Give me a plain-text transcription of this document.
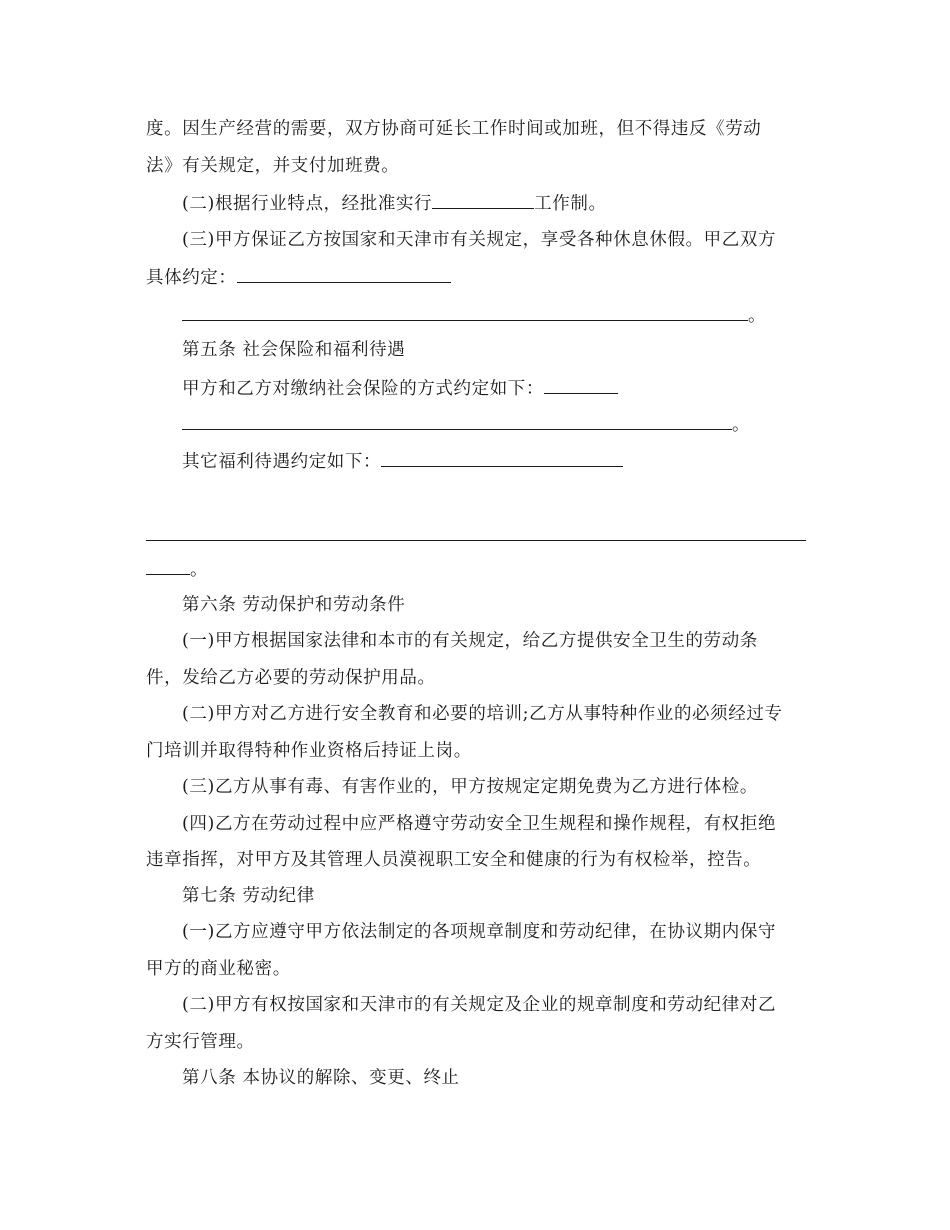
度。因生产经营的需要，双方协商可延长工作时间或加班，但不得违反《劳动
法》有关规定，并支付加班费。
(二)根据行业特点，经批准实行	工作制。
(三)甲方保证乙方按国家和天津市有关规定，享受各种休息休假。甲乙双方
具体约定：
。
第五条 社会保险和福利待遇
甲方和乙方对缴纳社会保险的方式约定如下：
。
其它福利待遇约定如下：
。
第六条 劳动保护和劳动条件
(一)甲方根据国家法律和本市的有关规定，给乙方提供安全卫生的劳动条
件，发给乙方必要的劳动保护用品。
(二)甲方对乙方进行安全教育和必要的培训;乙方从事特种作业的必须经过专
门培训并取得特种作业资格后持证上岗。
(三)乙方从事有毒、有害作业的，甲方按规定定期免费为乙方进行体检。
(四)乙方在劳动过程中应严格遵守劳动安全卫生规程和操作规程，有权拒绝
违章指挥，对甲方及其管理人员漠视职工安全和健康的行为有权检举，控告。
第七条 劳动纪律
(一)乙方应遵守甲方依法制定的各项规章制度和劳动纪律，在协议期内保守
甲方的商业秘密。
(二)甲方有权按国家和天津市的有关规定及企业的规章制度和劳动纪律对乙
方实行管理。
第八条 本协议的解除、变更、终止
